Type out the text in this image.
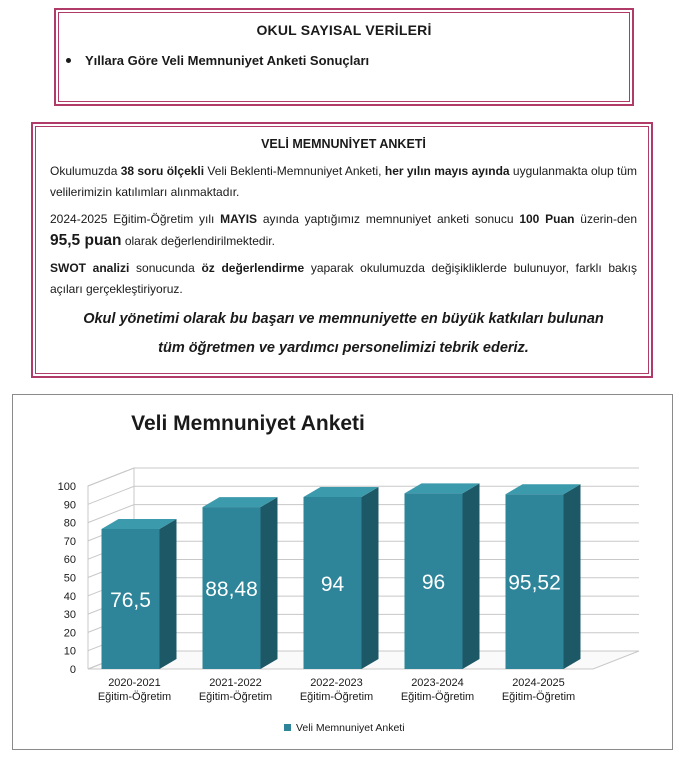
OKUL SAYISAL VERİLERİ
Yıllara Göre Veli Memnuniyet Anketi Sonuçları
VELİ MEMNUNİYET ANKETİ

Okulumuzda 38 soru ölçekli Veli Beklenti-Memnuniyet Anketi, her yılın mayıs ayında uygulanmakta olup tüm velilerimizin katılımları alınmaktadır.

2024-2025 Eğitim-Öğretim yılı MAYIS ayında yaptığımız memnuniyet anketi sonucu 100 Puan üzerin-den 95,5 puan olarak değerlendirilmektedir.

SWOT analizi sonucunda öz değerlendirme yaparak okulumuzda değişikliklerde bulunuyor, farklı bakış açıları gerçekleştiriyoruz.

Okul yönetimi olarak bu başarı ve memnuniyette en büyük katkıları bulunan
tüm öğretmen ve yardımcı personelimizi tebrik ederiz.
Veli Memnuniyet Anketi
0
10
20
30
40
50
60
70
80
90
100
76,5	88,48	94	96	95,52
2020-2021
Eğitim-Öğretim
2021-2022
Eğitim-Öğretim
2022-2023
Eğitim-Öğretim
2023-2024
Eğitim-Öğretim
2024-2025
Eğitim-Öğretim
Veli Memnuniyet Anketi
